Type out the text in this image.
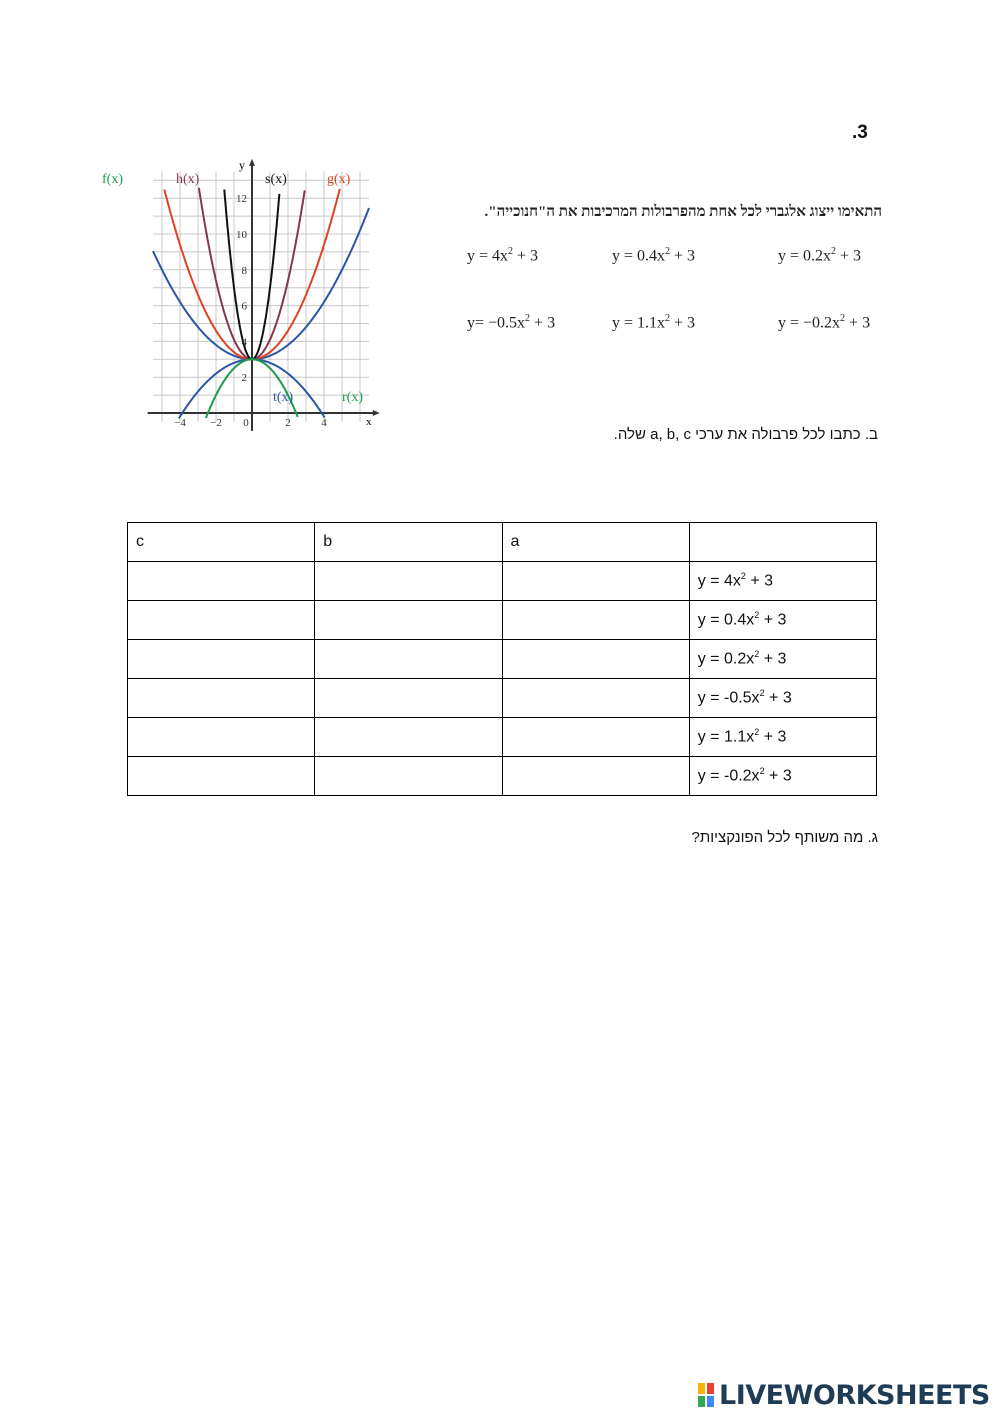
.3
2
4
6
8
10
12
−4 −2 0	2	4	x
y
f(x)	h(x)	s(x)	g(x)
t(x)	r(x)
התאימו ייצוג אלגברי לכל אחת מהפרבולות המרכיבות את ה"חנוכייה".
$y = 4x^2 + 3$	$y = 0.4x^2 + 3$	$y = 0.2x^2 + 3$
$y= -0.5x^2 + 3$	$y = 1.1x^2 + 3$	$y = -0.2x^2 + 3$
ב. כתבו לכל פרבולה את ערכי a, b, c שלה.
c	b	a	
			$y = 4x^2 + 3$
			$y = 0.4x^2 + 3$
			$y = 0.2x^2 + 3$
			$y = -0.5x^2 + 3$
			$y = 1.1x^2 + 3$
			$y = -0.2x^2 + 3$
ג. מה משותף לכל הפונקציות?
LIVEWORKSHEETS
